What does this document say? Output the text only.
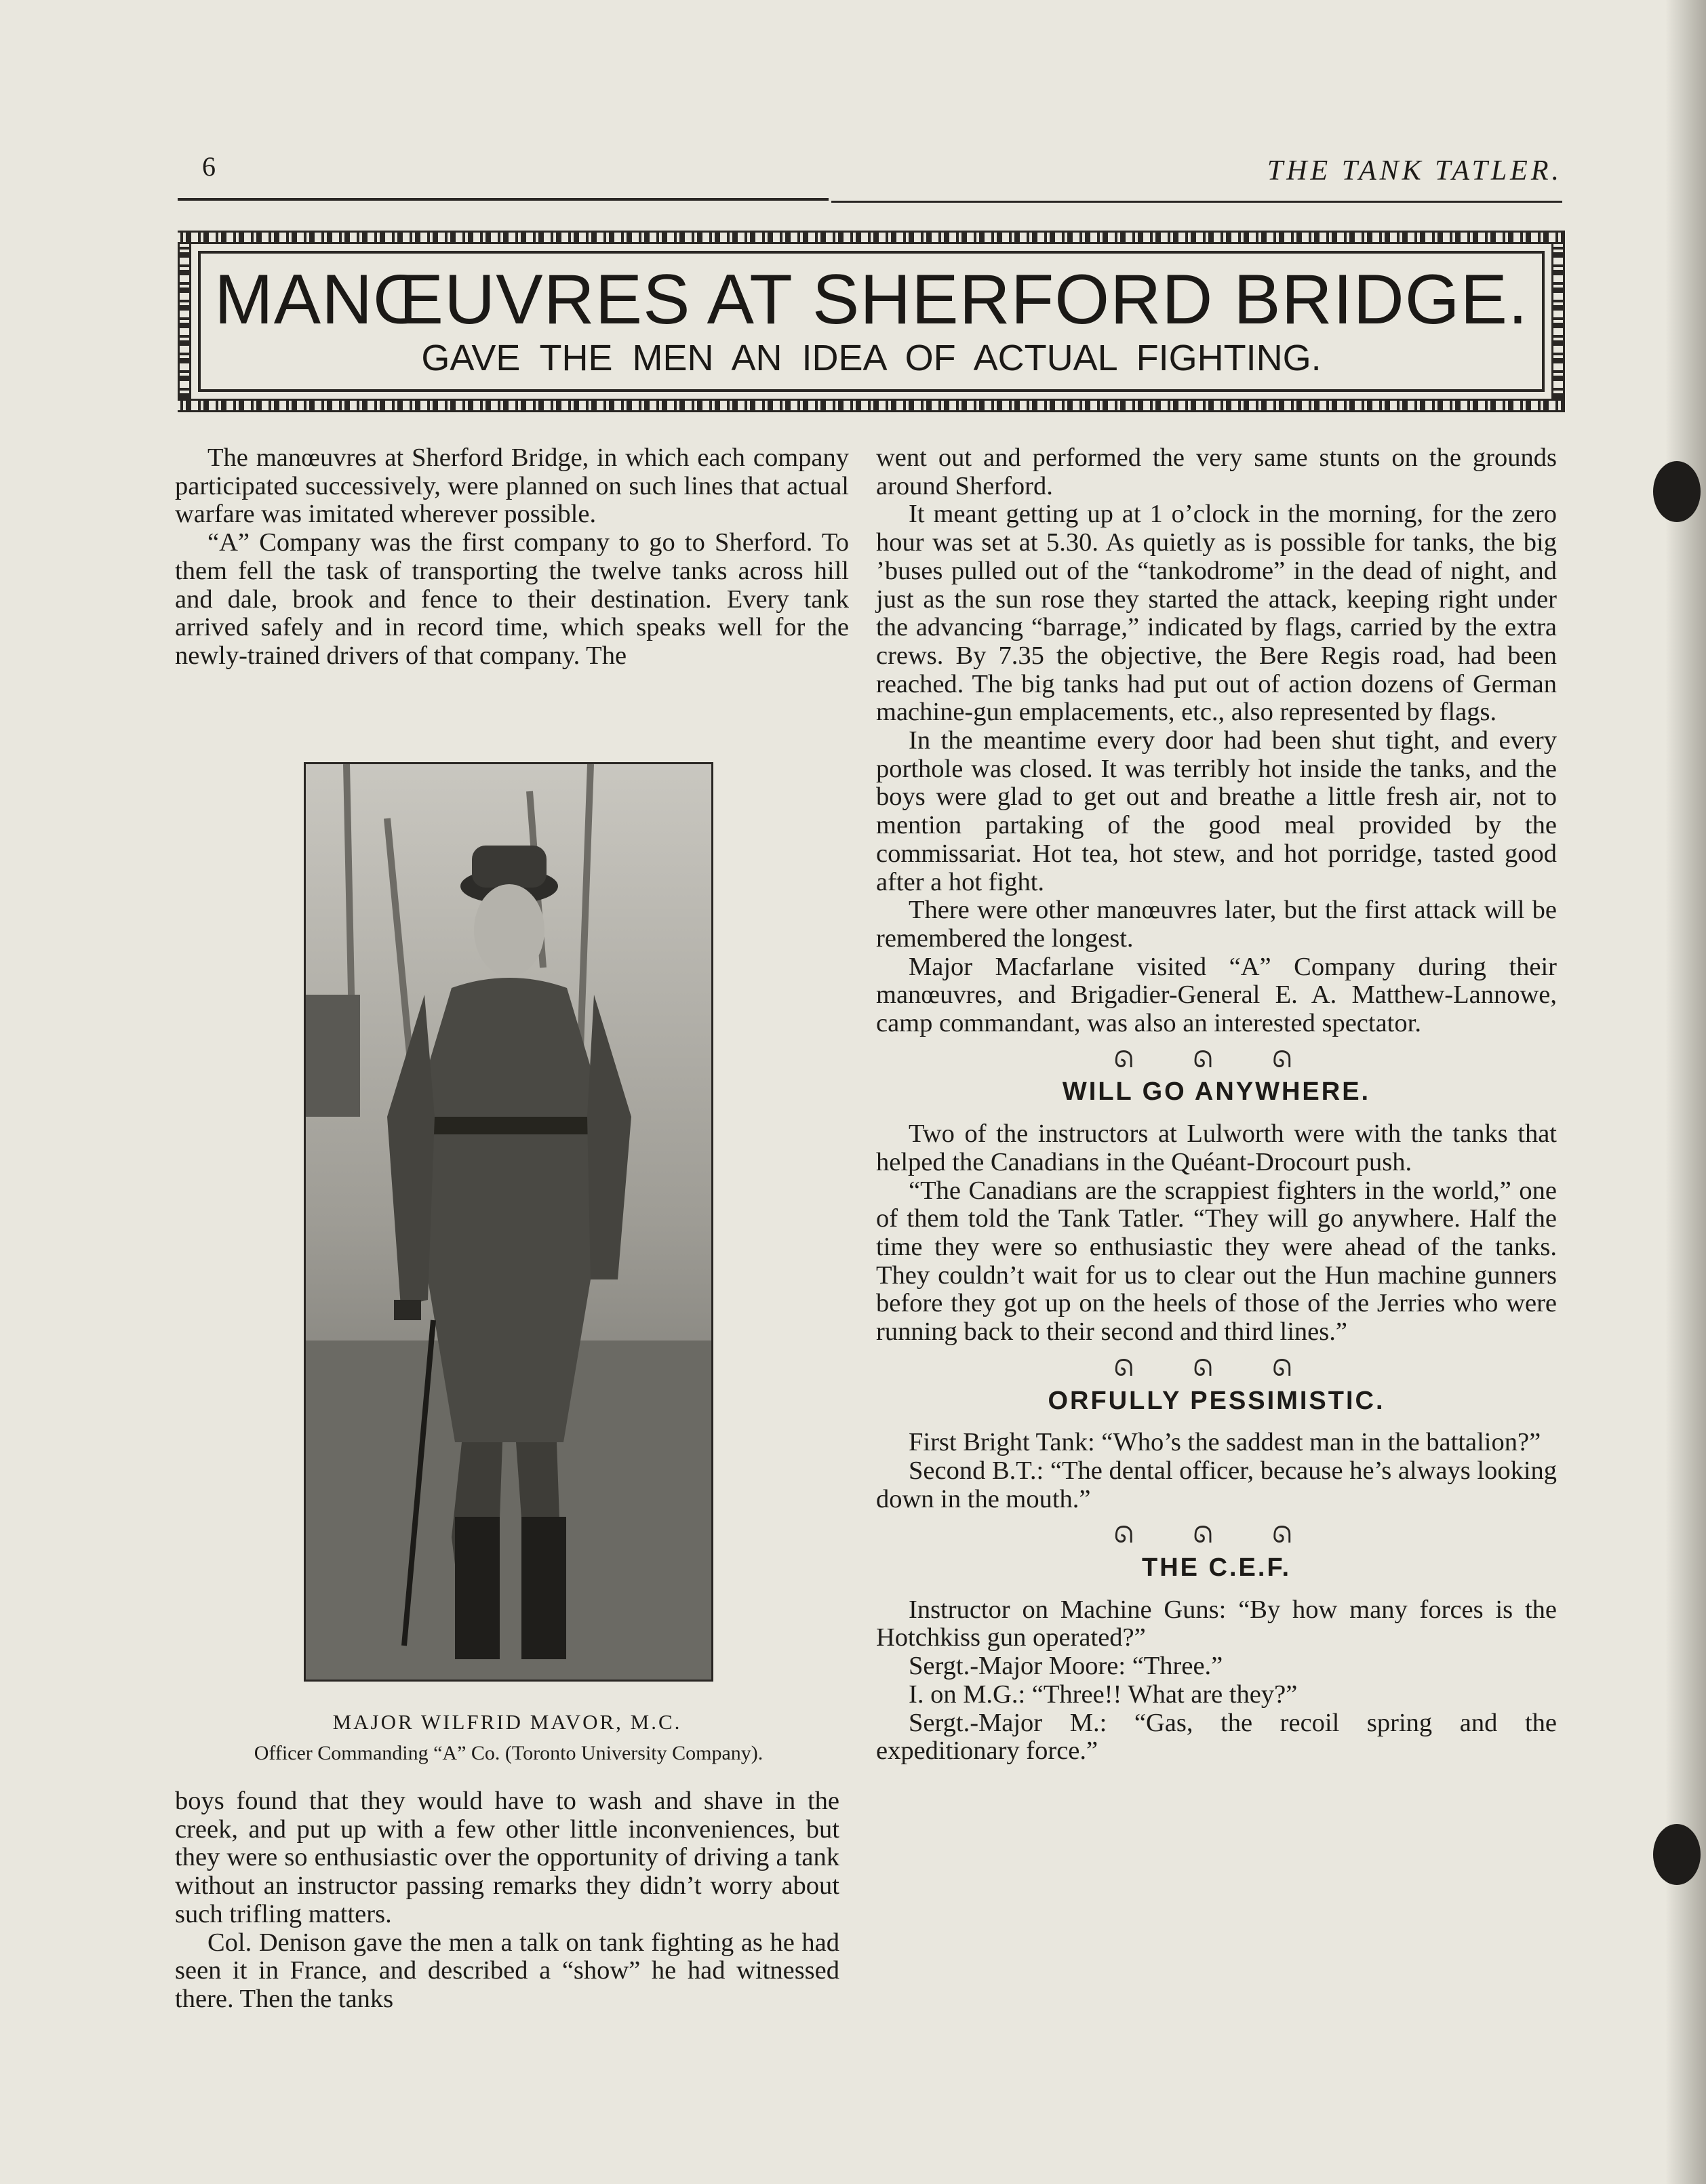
6	THE TANK TATLER.
MANŒUVRES AT SHERFORD BRIDGE.
GAVE THE MEN AN IDEA OF ACTUAL FIGHTING.

The manœuvres at Sherford Bridge, in which each company participated successively, were planned on such lines that actual warfare was imitated wherever possible.

“A” Company was the first company to go to Sherford. To them fell the task of transporting the twelve tanks across hill and dale, brook and fence to their destination. Every tank arrived safely and in record time, which speaks well for the newly-trained drivers of that company. The

MAJOR WILFRID MAVOR, M.C.
Officer Commanding “A” Co. (Toronto University Company).

boys found that they would have to wash and shave in the creek, and put up with a few other little inconveniences, but they were so enthusiastic over the opportunity of driving a tank without an instructor passing remarks they didn’t worry about such trifling matters.

Col. Denison gave the men a talk on tank fighting as he had seen it in France, and described a “show” he had witnessed there. Then the tanks

went out and performed the very same stunts on the grounds around Sherford.

It meant getting up at 1 o’clock in the morning, for the zero hour was set at 5.30. As quietly as is possible for tanks, the big ’buses pulled out of the “tankodrome” in the dead of night, and just as the sun rose they started the attack, keeping right under the advancing “barrage,” indicated by flags, carried by the extra crews. By 7.35 the objective, the Bere Regis road, had been reached. The big tanks had put out of action dozens of German machine-gun emplacements, etc., also represented by flags.

In the meantime every door had been shut tight, and every porthole was closed. It was terribly hot inside the tanks, and the boys were glad to get out and breathe a little fresh air, not to mention partaking of the good meal provided by the commissariat. Hot tea, hot stew, and hot porridge, tasted good after a hot fight.

There were other manœuvres later, but the first attack will be remembered the longest.

Major Macfarlane visited “A” Company during their manœuvres, and Brigadier-General E. A. Matthew-Lannowe, camp commandant, was also an interested spectator.

ᘏ ᘏ ᘏ

WILL GO ANYWHERE.

Two of the instructors at Lulworth were with the tanks that helped the Canadians in the Quéant-Drocourt push.

“The Canadians are the scrappiest fighters in the world,” one of them told the Tank Tatler. “They will go anywhere. Half the time they were so enthusiastic they were ahead of the tanks. They couldn’t wait for us to clear out the Hun machine gunners before they got up on the heels of those of the Jerries who were running back to their second and third lines.”

ᘏ ᘏ ᘏ

ORFULLY PESSIMISTIC.

First Bright Tank: “Who’s the saddest man in the battalion?”

Second B.T.: “The dental officer, because he’s always looking down in the mouth.”

ᘏ ᘏ ᘏ

THE C.E.F.

Instructor on Machine Guns: “By how many forces is the Hotchkiss gun operated?”

Sergt.-Major Moore: “Three.”

I. on M.G.: “Three!! What are they?”

Sergt.-Major M.: “Gas, the recoil spring and the expeditionary force.”
